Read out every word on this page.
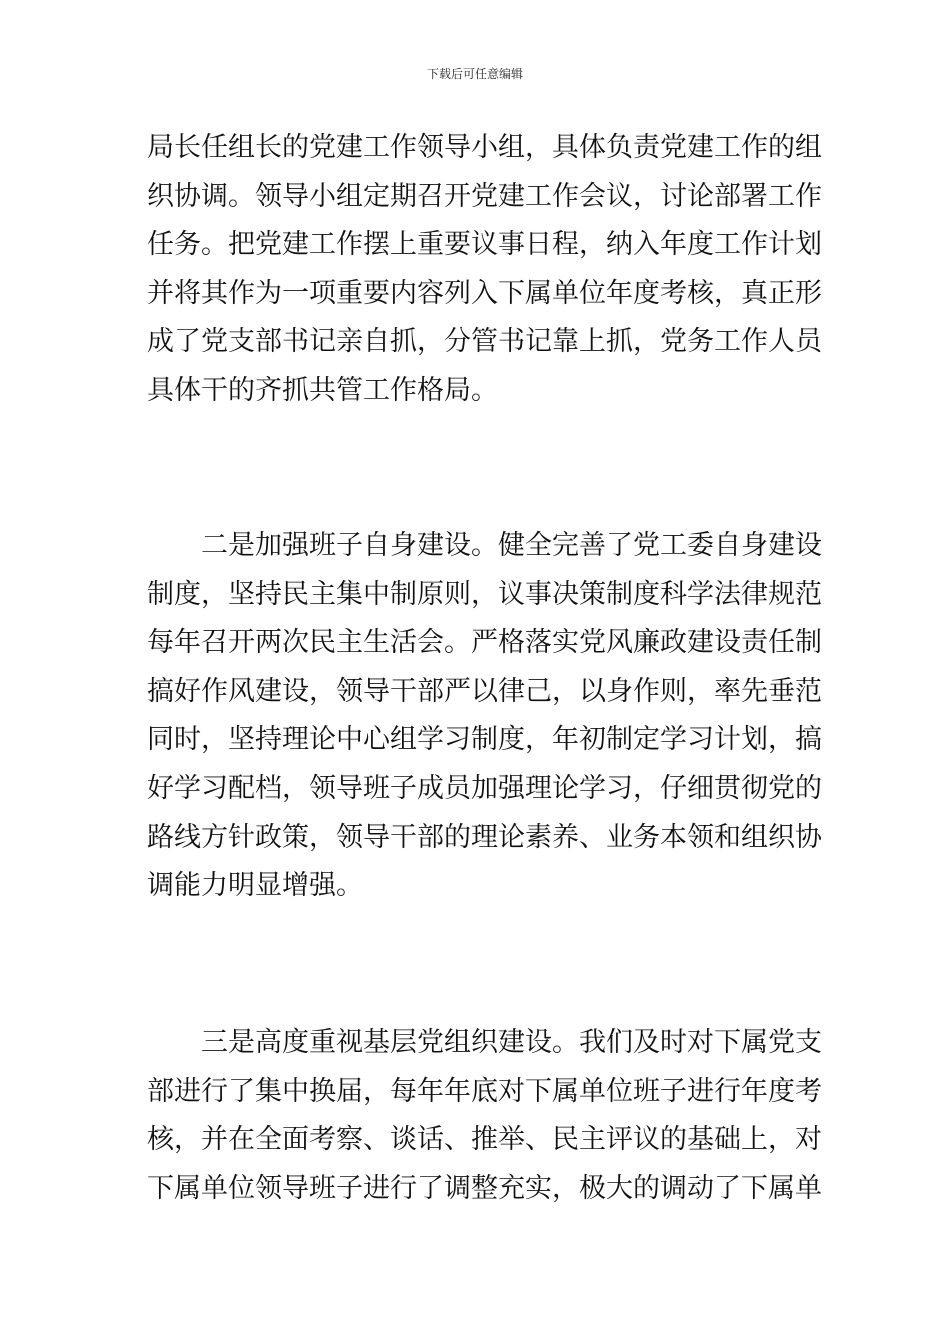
下载后可任意编辑
局长任组长的党建工作领导小组，具体负责党建工作的组
织协调。领导小组定期召开党建工作会议，讨论部署工作
任务。把党建工作摆上重要议事日程，纳入年度工作计划
并将其作为一项重要内容列入下属单位年度考核，真正形
成了党支部书记亲自抓，分管书记靠上抓，党务工作人员
具体干的齐抓共管工作格局。
　　二是加强班子自身建设。健全完善了党工委自身建设
制度，坚持民主集中制原则，议事决策制度科学法律规范
每年召开两次民主生活会。严格落实党风廉政建设责任制
搞好作风建设，领导干部严以律己，以身作则，率先垂范
同时，坚持理论中心组学习制度，年初制定学习计划，搞
好学习配档，领导班子成员加强理论学习，仔细贯彻党的
路线方针政策，领导干部的理论素养、业务本领和组织协
调能力明显增强。
　　三是高度重视基层党组织建设。我们及时对下属党支
部进行了集中换届，每年年底对下属单位班子进行年度考
核，并在全面考察、谈话、推举、民主评议的基础上，对
下属单位领导班子进行了调整充实，极大的调动了下属单
